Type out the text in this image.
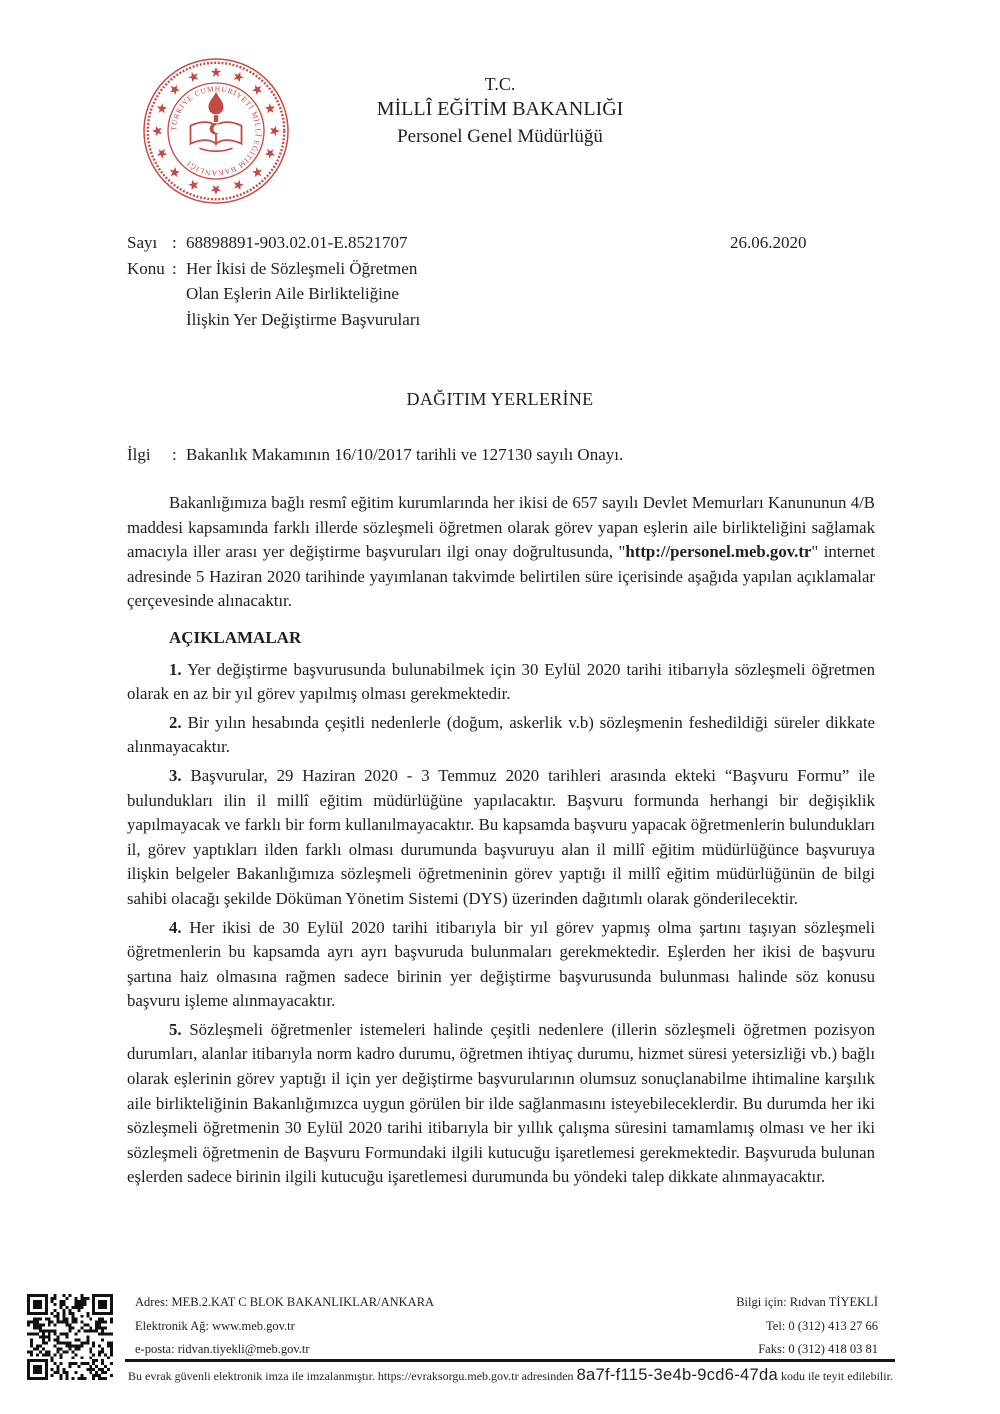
TÜRKİYE CUMHURİYETİ MİLLÎ EĞİTİM BAKANLIĞI
T.C.
MİLLÎ EĞİTİM BAKANLIĞI
Personel Genel Müdürlüğü
Sayı : 68898891-903.02.01-E.8521707	26.06.2020
Konu : Her İkisi de Sözleşmeli Öğretmen
Olan Eşlerin Aile Birlikteliğine
İlişkin Yer Değiştirme Başvuruları
DAĞITIM YERLERİNE
İlgi	: Bakanlık Makamının 16/10/2017 tarihli ve 127130 sayılı Onayı.

Bakanlığımıza bağlı resmî eğitim kurumlarında her ikisi de 657 sayılı Devlet Memurları Kanununun 4/B maddesi kapsamında farklı illerde sözleşmeli öğretmen olarak görev yapan eşlerin aile birlikteliğini sağlamak amacıyla iller arası yer değiştirme başvuruları ilgi onay doğrultusunda, "http://personel.meb.gov.tr" internet adresinde 5 Haziran 2020 tarihinde yayımlanan takvimde belirtilen süre içerisinde aşağıda yapılan açıklamalar çerçevesinde alınacaktır.

AÇIKLAMALAR

1. Yer değiştirme başvurusunda bulunabilmek için 30 Eylül 2020 tarihi itibarıyla sözleşmeli öğretmen olarak en az bir yıl görev yapılmış olması gerekmektedir.

2. Bir yılın hesabında çeşitli nedenlerle (doğum, askerlik v.b) sözleşmenin feshedildiği süreler dikkate alınmayacaktır.

3. Başvurular, 29 Haziran 2020 - 3 Temmuz 2020 tarihleri arasında ekteki “Başvuru Formu” ile bulundukları ilin il millî eğitim müdürlüğüne yapılacaktır. Başvuru formunda herhangi bir değişiklik yapılmayacak ve farklı bir form kullanılmayacaktır. Bu kapsamda başvuru yapacak öğretmenlerin bulundukları il, görev yaptıkları ilden farklı olması durumunda başvuruyu alan il millî eğitim müdürlüğünce başvuruya ilişkin belgeler Bakanlığımıza sözleşmeli öğretmeninin görev yaptığı il millî eğitim müdürlüğünün de bilgi sahibi olacağı şekilde Döküman Yönetim Sistemi (DYS) üzerinden dağıtımlı olarak gönderilecektir.

4. Her ikisi de 30 Eylül 2020 tarihi itibarıyla bir yıl görev yapmış olma şartını taşıyan sözleşmeli öğretmenlerin bu kapsamda ayrı ayrı başvuruda bulunmaları gerekmektedir. Eşlerden her ikisi de başvuru şartına haiz olmasına rağmen sadece birinin yer değiştirme başvurusunda bulunması halinde söz konusu başvuru işleme alınmayacaktır.

5. Sözleşmeli öğretmenler istemeleri halinde çeşitli nedenlere (illerin sözleşmeli öğretmen pozisyon durumları, alanlar itibarıyla norm kadro durumu, öğretmen ihtiyaç durumu, hizmet süresi yetersizliği vb.) bağlı olarak eşlerinin görev yaptığı il için yer değiştirme başvurularının olumsuz sonuçlanabilme ihtimaline karşılık aile birlikteliğinin Bakanlığımızca uygun görülen bir ilde sağlanmasını isteyebileceklerdir. Bu durumda her iki sözleşmeli öğretmenin 30 Eylül 2020 tarihi itibarıyla bir yıllık çalışma süresini tamamlamış olması ve her iki sözleşmeli öğretmenin de Başvuru Formundaki ilgili kutucuğu işaretlemesi gerekmektedir. Başvuruda bulunan eşlerden sadece birinin ilgili kutucuğu işaretlemesi durumunda bu yöndeki talep dikkate alınmayacaktır.

Adres: MEB.2.KAT C BLOK BAKANLIKLAR/ANKARA
Elektronik Ağ: www.meb.gov.tr
e-posta: ridvan.tiyekli@meb.gov.tr
Bilgi için: Rıdvan TİYEKLİ
Tel: 0 (312) 413 27 66
Faks: 0 (312) 418 03 81
Bu evrak güvenli elektronik imza ile imzalanmıştır. https://evraksorgu.meb.gov.tr adresinden 8a7f-f115-3e4b-9cd6-47da kodu ile teyit edilebilir.
